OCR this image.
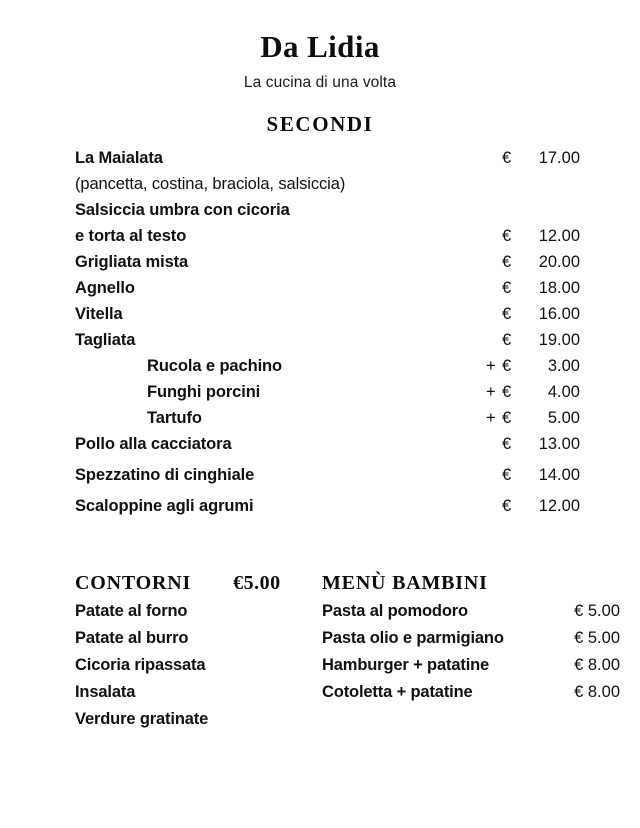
Da Lidia

La cucina di una volta

SECONDI
La Maialata	€	17.00
(pancetta, costina, braciola, salsiccia)
Salsiccia umbra con cicoria
e torta al testo	€	12.00
Grigliata mista	€	20.00
Agnello	€	18.00
Vitella	€	16.00
Tagliata	€	19.00
Rucola e pachino	+ €	3.00
Funghi porcini	+ €	4.00
Tartufo	+ €	5.00
Pollo alla cacciatora	€	13.00
Spezzatino di cinghiale	€	14.00
Scaloppine agli agrumi	€	12.00
CONTORNI €5.00
Patate al forno
Patate al burro
Cicoria ripassata
Insalata
Verdure gratinate
MENÙ BAMBINI
Pasta al pomodoro	€ 5.00
Pasta olio e parmigiano	€ 5.00
Hamburger + patatine	€ 8.00
Cotoletta + patatine	€ 8.00
